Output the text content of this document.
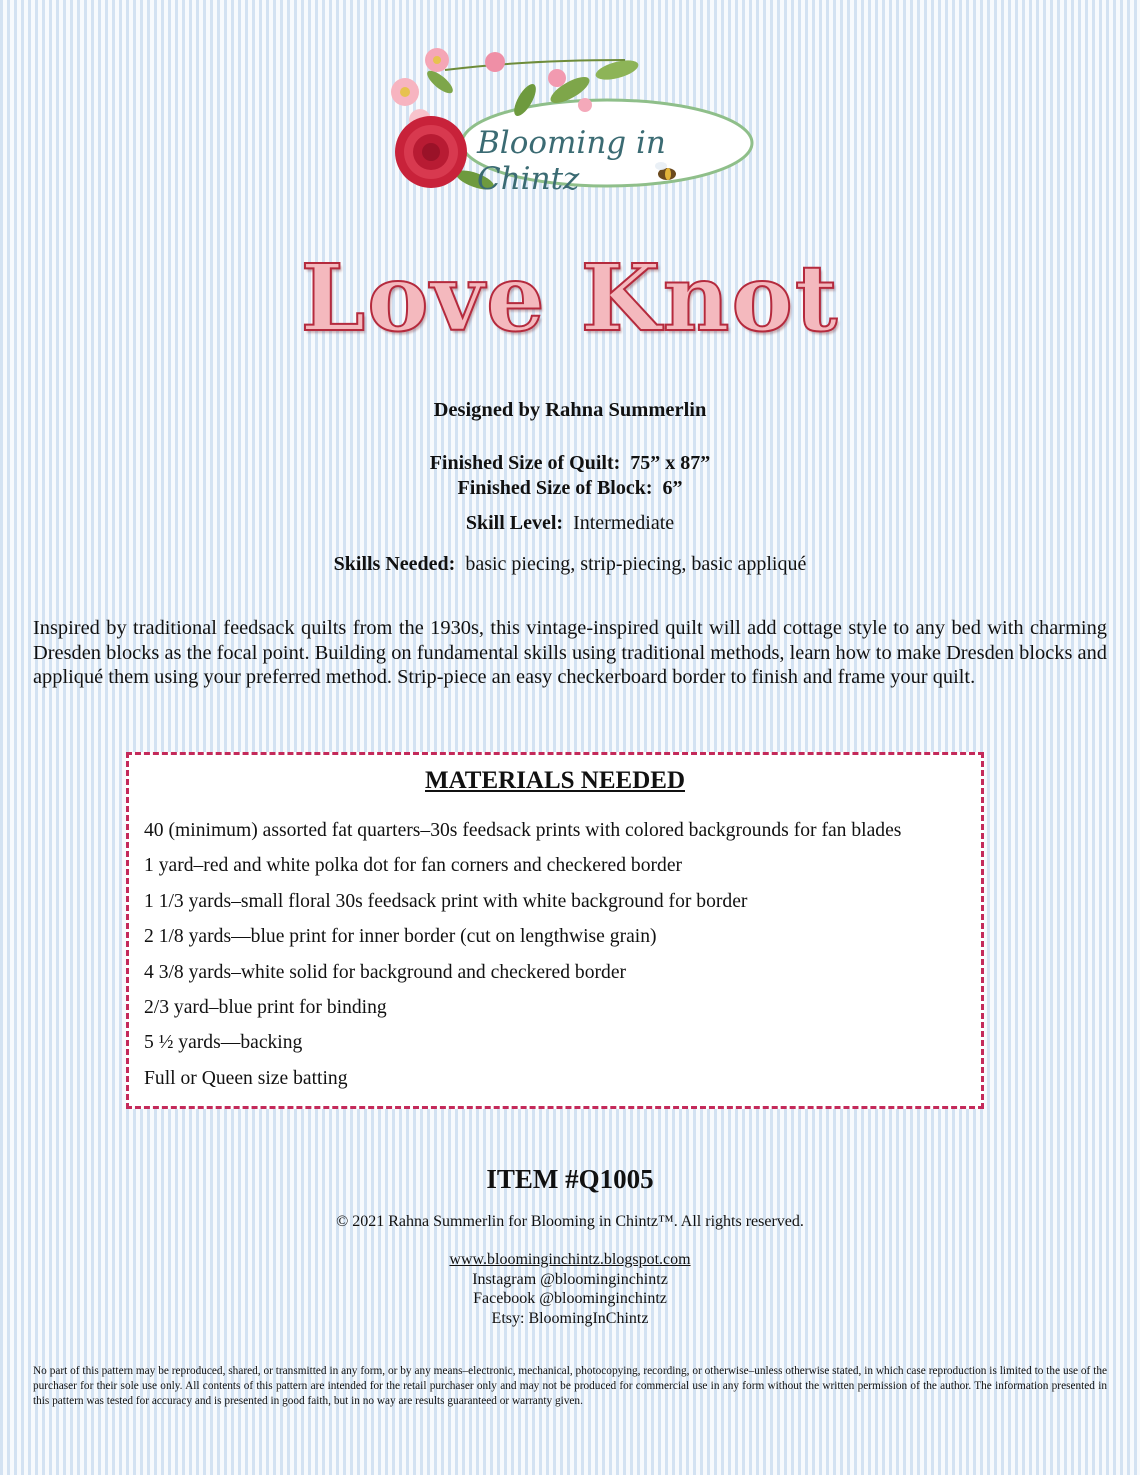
Blooming in Chintz
Love Knot
Designed by Rahna Summerlin
Finished Size of Quilt: 75” x 87”
Finished Size of Block: 6”
Skill Level: Intermediate
Skills Needed: basic piecing, strip-piecing, basic appliqué
Inspired by traditional feedsack quilts from the 1930s, this vintage-inspired quilt will add cottage style to any bed with charming Dresden blocks as the focal point. Building on fundamental skills using traditional methods, learn how to make Dresden blocks and appliqué them using your preferred method. Strip-piece an easy checkerboard border to finish and frame your quilt.
MATERIALS NEEDED
40 (minimum) assorted fat quarters–30s feedsack prints with colored backgrounds for fan blades
1 yard–red and white polka dot for fan corners and checkered border
1 1/3 yards–small floral 30s feedsack print with white background for border
2 1/8 yards—blue print for inner border (cut on lengthwise grain)
4 3/8 yards–white solid for background and checkered border
2/3 yard–blue print for binding
5 ½ yards—backing
Full or Queen size batting
ITEM #Q1005
© 2021 Rahna Summerlin for Blooming in Chintz™. All rights reserved.
www.bloominginchintz.blogspot.com
Instagram @bloominginchintz
Facebook @bloominginchintz
Etsy: BloomingInChintz
No part of this pattern may be reproduced, shared, or transmitted in any form, or by any means–electronic, mechanical, photocopying, recording, or otherwise–unless otherwise stated, in which case reproduction is limited to the use of the purchaser for their sole use only. All contents of this pattern are intended for the retail purchaser only and may not be produced for commercial use in any form without the written permission of the author. The information presented in this pattern was tested for accuracy and is presented in good faith, but in no way are results guaranteed or warranty given.
